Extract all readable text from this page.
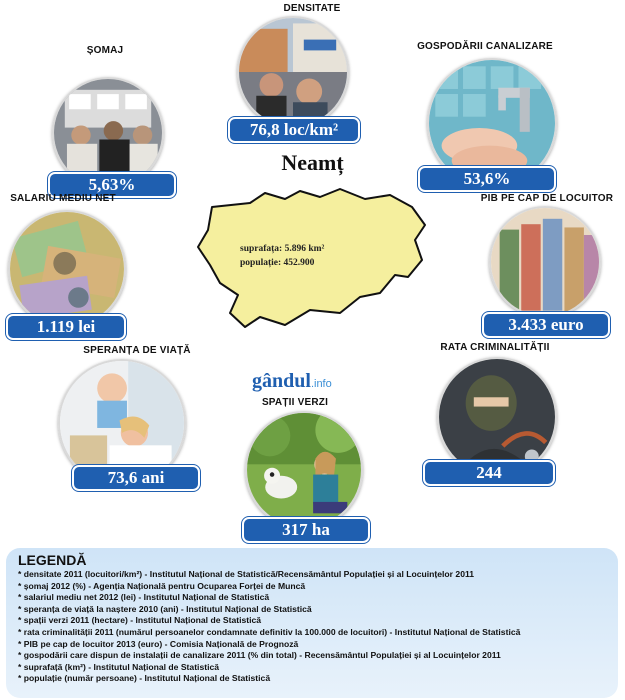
Neamț
DENSITATE
76,8 loc/km²
ȘOMAJ
5,63%
GOSPODĂRII CANALIZARE
53,6%
SALARIU MEDIU NET
1.119 lei
PIB PE CAP DE LOCUITOR
3.433 euro
SPERANȚA DE VIAȚĂ
73,6 ani
RATA CRIMINALITĂȚII
244
SPAȚII VERZI
317 ha
suprafața: 5.896 km²
populație: 452.900
gândul.info
LEGENDĂ
* densitate 2011 (locuitori/km²) - Institutul Național de Statistică/Recensământul Populației și al Locuințelor 2011
* șomaj 2012 (%) - Agenția Națională pentru Ocuparea Forței de Muncă
* salariul mediu net 2012 (lei) - Institutul Național de Statistică
* speranța de viață la naștere 2010 (ani) - Institutul Național de Statistică
* spații verzi 2011 (hectare) - Institutul Național de Statistică
* rata criminalității 2011 (numărul persoanelor condamnate definitiv la 100.000 de locuitori) - Institutul Național de Statistică
* PIB pe cap de locuitor 2013 (euro) - Comisia Națională de Prognoză
* gospodării care dispun de instalații de canalizare 2011 (% din total) - Recensământul Populației și al Locuințelor 2011
* suprafață (km²) - Institutul Național de Statistică
* populație (număr persoane) - Institutul Național de Statistică
